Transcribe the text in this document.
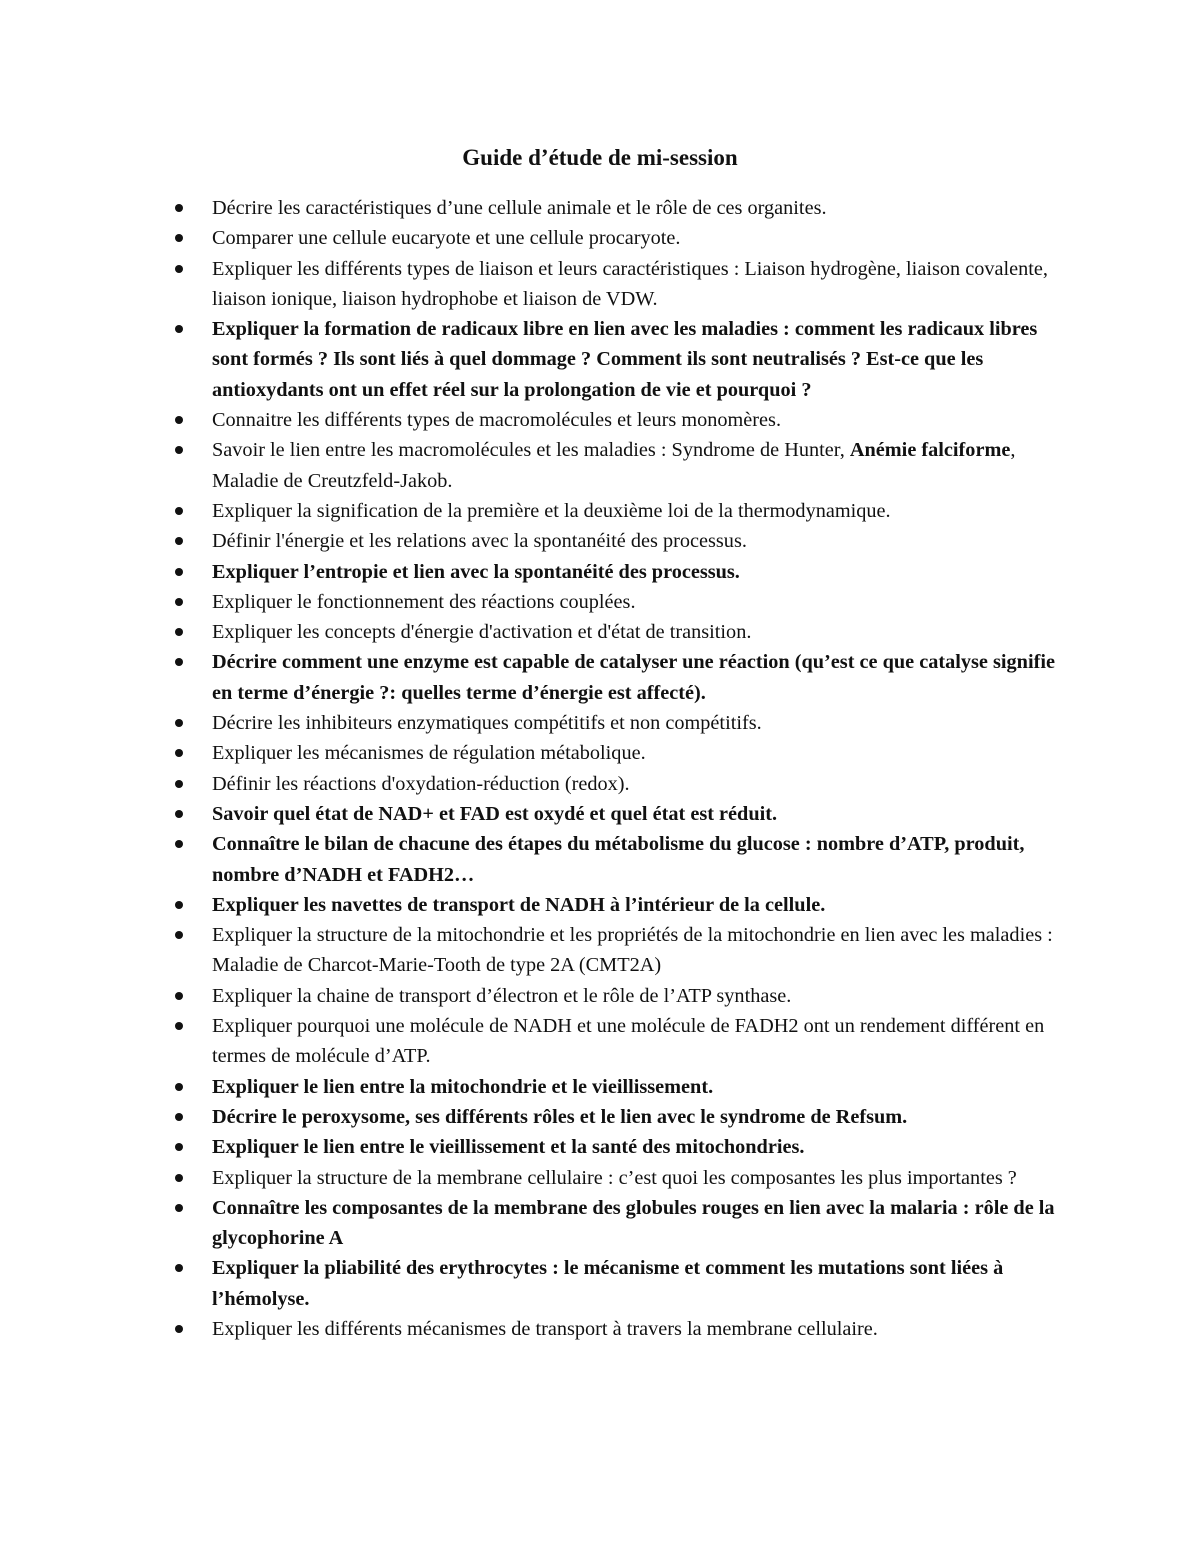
Guide d’étude de mi-session
Décrire les caractéristiques d’une cellule animale et le rôle de ces organites.
Comparer une cellule eucaryote et une cellule procaryote.
Expliquer les différents types de liaison et leurs caractéristiques : Liaison hydrogène, liaison covalente, liaison ionique, liaison hydrophobe et liaison de VDW.
Expliquer la formation de radicaux libre en lien avec les maladies : comment les radicaux libres sont formés ? Ils sont liés à quel dommage ? Comment ils sont neutralisés ? Est-ce que les antioxydants ont un effet réel sur la prolongation de vie et pourquoi ?
Connaitre les différents types de macromolécules et leurs monomères.
Savoir le lien entre les macromolécules et les maladies : Syndrome de Hunter, Anémie falciforme, Maladie de Creutzfeld-Jakob.
Expliquer la signification de la première et la deuxième loi de la thermodynamique.
Définir l'énergie et les relations avec la spontanéité des processus.
Expliquer l’entropie et lien avec la spontanéité des processus.
Expliquer le fonctionnement des réactions couplées.
Expliquer les concepts d'énergie d'activation et d'état de transition.
Décrire comment une enzyme est capable de catalyser une réaction (qu’est ce que catalyse signifie en terme d’énergie ?: quelles terme d’énergie est affecté).
Décrire les inhibiteurs enzymatiques compétitifs et non compétitifs.
Expliquer les mécanismes de régulation métabolique.
Définir les réactions d'oxydation-réduction (redox).
Savoir quel état de NAD+ et FAD est oxydé et quel état est réduit.
Connaître le bilan de chacune des étapes du métabolisme du glucose : nombre d’ATP, produit, nombre d’NADH et FADH2…
Expliquer les navettes de transport de NADH à l’intérieur de la cellule.
Expliquer la structure de la mitochondrie et les propriétés de la mitochondrie en lien avec les maladies : Maladie de Charcot-Marie-Tooth de type 2A (CMT2A)
Expliquer la chaine de transport d’électron et le rôle de l’ATP synthase.
Expliquer pourquoi une molécule de NADH et une molécule de FADH2 ont un rendement différent en termes de molécule d’ATP.
Expliquer le lien entre la mitochondrie et le vieillissement.
Décrire le peroxysome, ses différents rôles et le lien avec le syndrome de Refsum.
Expliquer le lien entre le vieillissement et la santé des mitochondries.
Expliquer la structure de la membrane cellulaire : c’est quoi les composantes les plus importantes ?
Connaître les composantes de la membrane des globules rouges en lien avec la malaria : rôle de la glycophorine A
Expliquer la pliabilité des erythrocytes : le mécanisme et comment les mutations sont liées à l’hémolyse.
Expliquer les différents mécanismes de transport à travers la membrane cellulaire.
